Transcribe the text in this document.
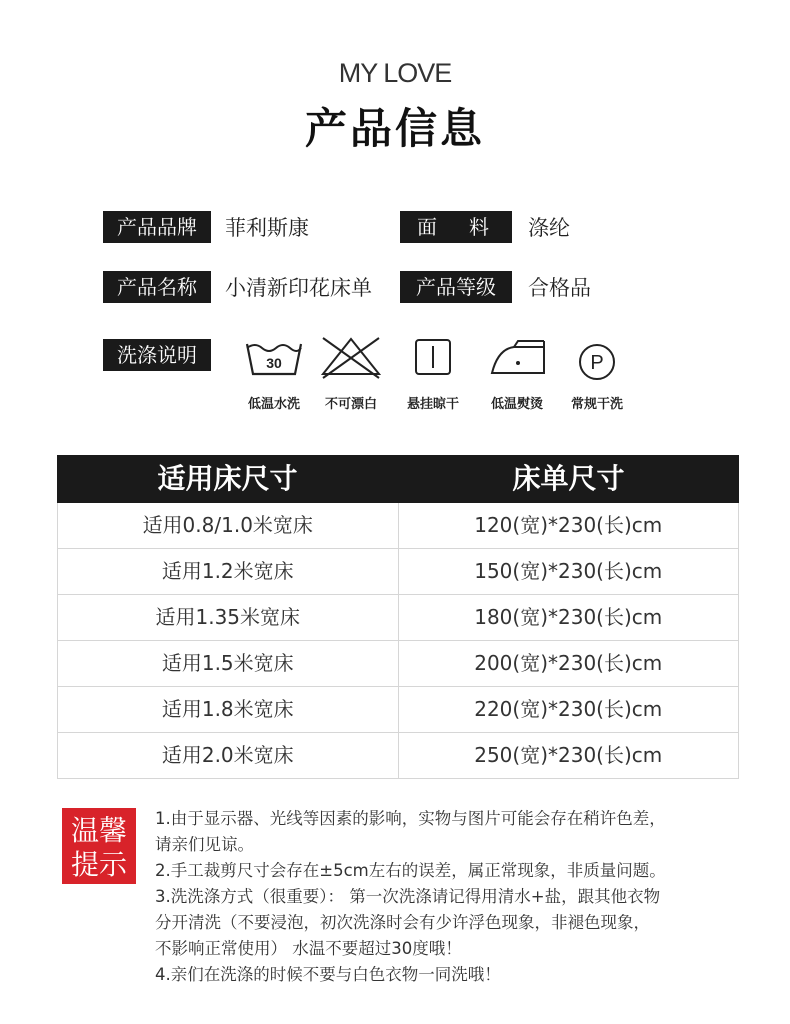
MY LOVE
产品信息
产品品牌	菲利斯康	面　料	涤纶
产品名称	小清新印花床单	产品等级	合格品
洗涤说明	30	P
低温水洗	不可漂白	悬挂晾干	低温熨烫	常规干洗
适用床尺寸	床单尺寸
适用0.8/1.0米宽床	120(宽)*230(长)cm
适用1.2米宽床	150(宽)*230(长)cm
适用1.35米宽床	180(宽)*230(长)cm
适用1.5米宽床	200(宽)*230(长)cm
适用1.8米宽床	220(宽)*230(长)cm
适用2.0米宽床	250(宽)*230(长)cm
温馨
提示
1.由于显示器、光线等因素的影响，实物与图片可能会存在稍许色差，
请亲们见谅。
2.手工裁剪尺寸会存在±5cm左右的误差，属正常现象，非质量问题。
3.洗洗涤方式（很重要）： 第一次洗涤请记得用清水+盐，跟其他衣物
分开清洗（不要浸泡，初次洗涤时会有少许浮色现象，非褪色现象，
不影响正常使用） 水温不要超过30度哦！
4.亲们在洗涤的时候不要与白色衣物一同洗哦！
